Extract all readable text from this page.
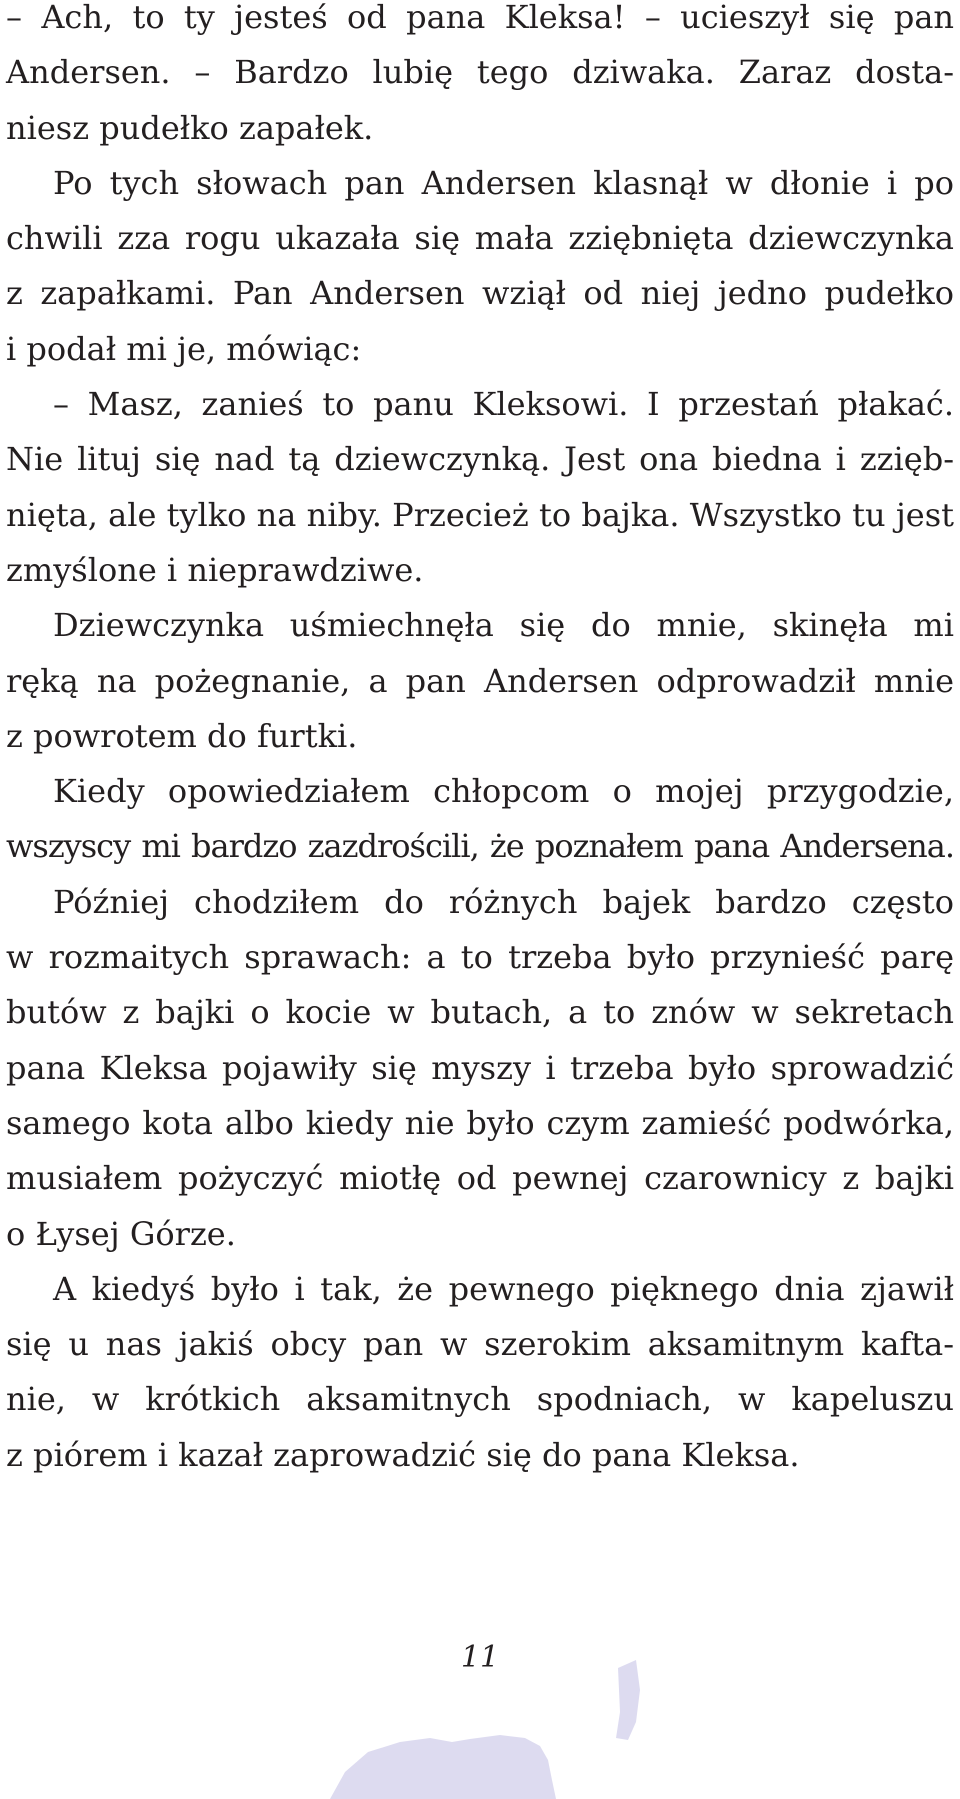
– Ach, to ty jesteś od pana Kleksa! – ucieszył się pan
Andersen. – Bardzo lubię tego dziwaka. Zaraz dosta-
niesz pudełko zapałek.

Po tych słowach pan Andersen klasnął w dłonie i po
chwili zza rogu ukazała się mała zziębnięta dziewczynka
z zapałkami. Pan Andersen wziął od niej jedno pudełko
i podał mi je, mówiąc:

– Masz, zanieś to panu Kleksowi. I przestań płakać.
Nie lituj się nad tą dziewczynką. Jest ona biedna i zzięb-
nięta, ale tylko na niby. Przecież to bajka. Wszystko tu jest
zmyślone i nieprawdziwe.

Dziewczynka uśmiechnęła się do mnie, skinęła mi
ręką na pożegnanie, a pan Andersen odprowadził mnie
z powrotem do furtki.

Kiedy opowiedziałem chłopcom o mojej przygodzie,
wszyscy mi bardzo zazdrościli, że poznałem pana Andersena.

Później chodziłem do różnych bajek bardzo często
w rozmaitych sprawach: a to trzeba było przynieść parę
butów z bajki o kocie w butach, a to znów w sekretach
pana Kleksa pojawiły się myszy i trzeba było sprowadzić
samego kota albo kiedy nie było czym zamieść podwórka,
musiałem pożyczyć miotłę od pewnej czarownicy z bajki
o Łysej Górze.

A kiedyś było i tak, że pewnego pięknego dnia zjawił
się u nas jakiś obcy pan w szerokim aksamitnym kafta-
nie, w krótkich aksamitnych spodniach, w kapeluszu
z piórem i kazał zaprowadzić się do pana Kleksa.

11
